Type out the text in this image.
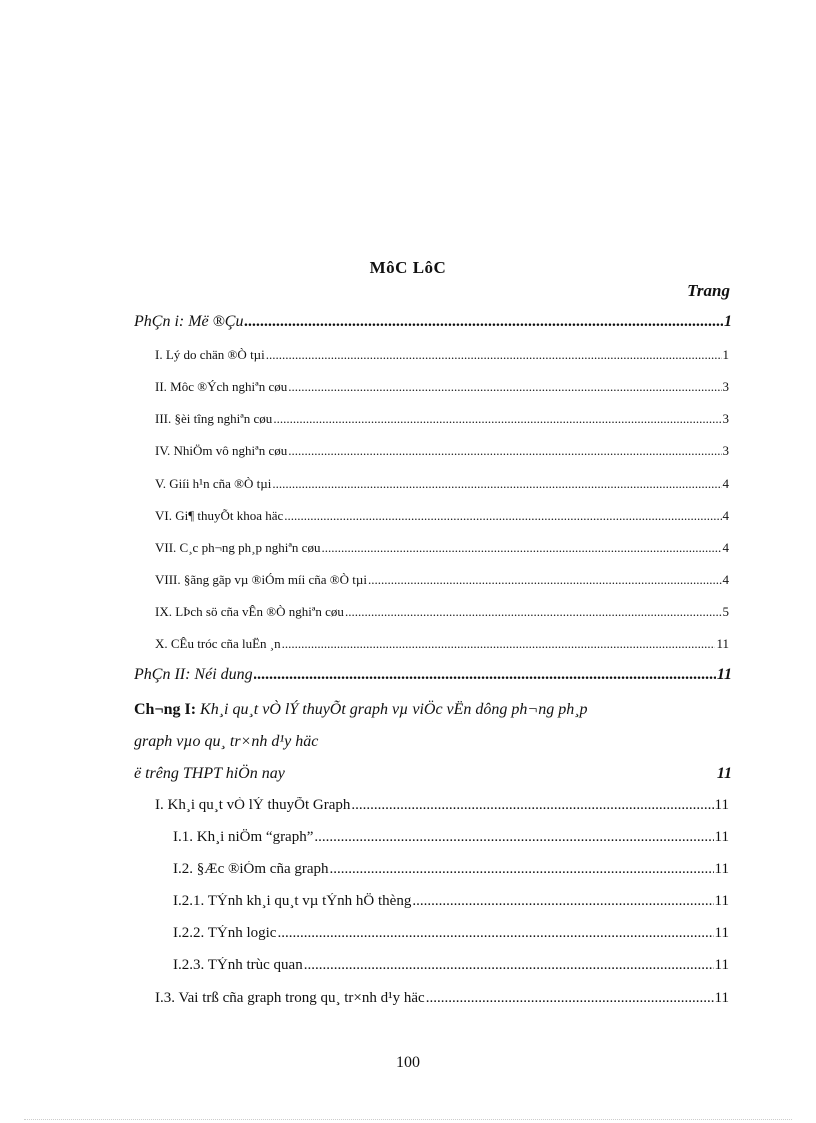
MôC LôC
Trang
PhÇn i: Më ®Çu .....	1
I. Lý do chän ®Ò tµi .....	1
II. Môc ®Ých nghiªn cøu .....	3
III. §èi tîng nghiªn cøu .....	3
IV. NhiÖm vô nghiªn cøu .....	3
V. Giíi h¹n cña ®Ò tµi .....	4
VI. Gi¶ thuyÕt khoa häc .....	4
VII. C¸c ph¬ng ph¸p nghiªn cøu .....	4
VIII. §ãng gãp vµ ®iÓm míi cña ®Ò tµi .....	4
IX. LÞch sö cña vÊn ®Ò nghiªn cøu .....	5
X. CÊu tróc cña luËn ¸n .....	11
PhÇn II: Néi dung .....	11
Ch¬ng I: Kh¸i qu¸t vÒ lÝ thuyÕt graph vµ viÖc vËn dông ph¬ng ph¸p
graph vµo qu¸ tr×nh d¹y häc
ë trêng THPT hiÖn nay	11
I. Kh¸i qu¸t vÒ lÝ thuyÕt Graph .....	11
I.1. Kh¸i niÖm “graph” .....	11
I.2. §Æc ®iÓm cña graph .....	11
I.2.1. TÝnh kh¸i qu¸t vµ tÝnh hÖ thèng .....	11
I.2.2. TÝnh logic .....	11
I.2.3. TÝnh trùc quan .....	11
I.3. Vai trß cña graph trong qu¸ tr×nh d¹y häc .....	11
100
